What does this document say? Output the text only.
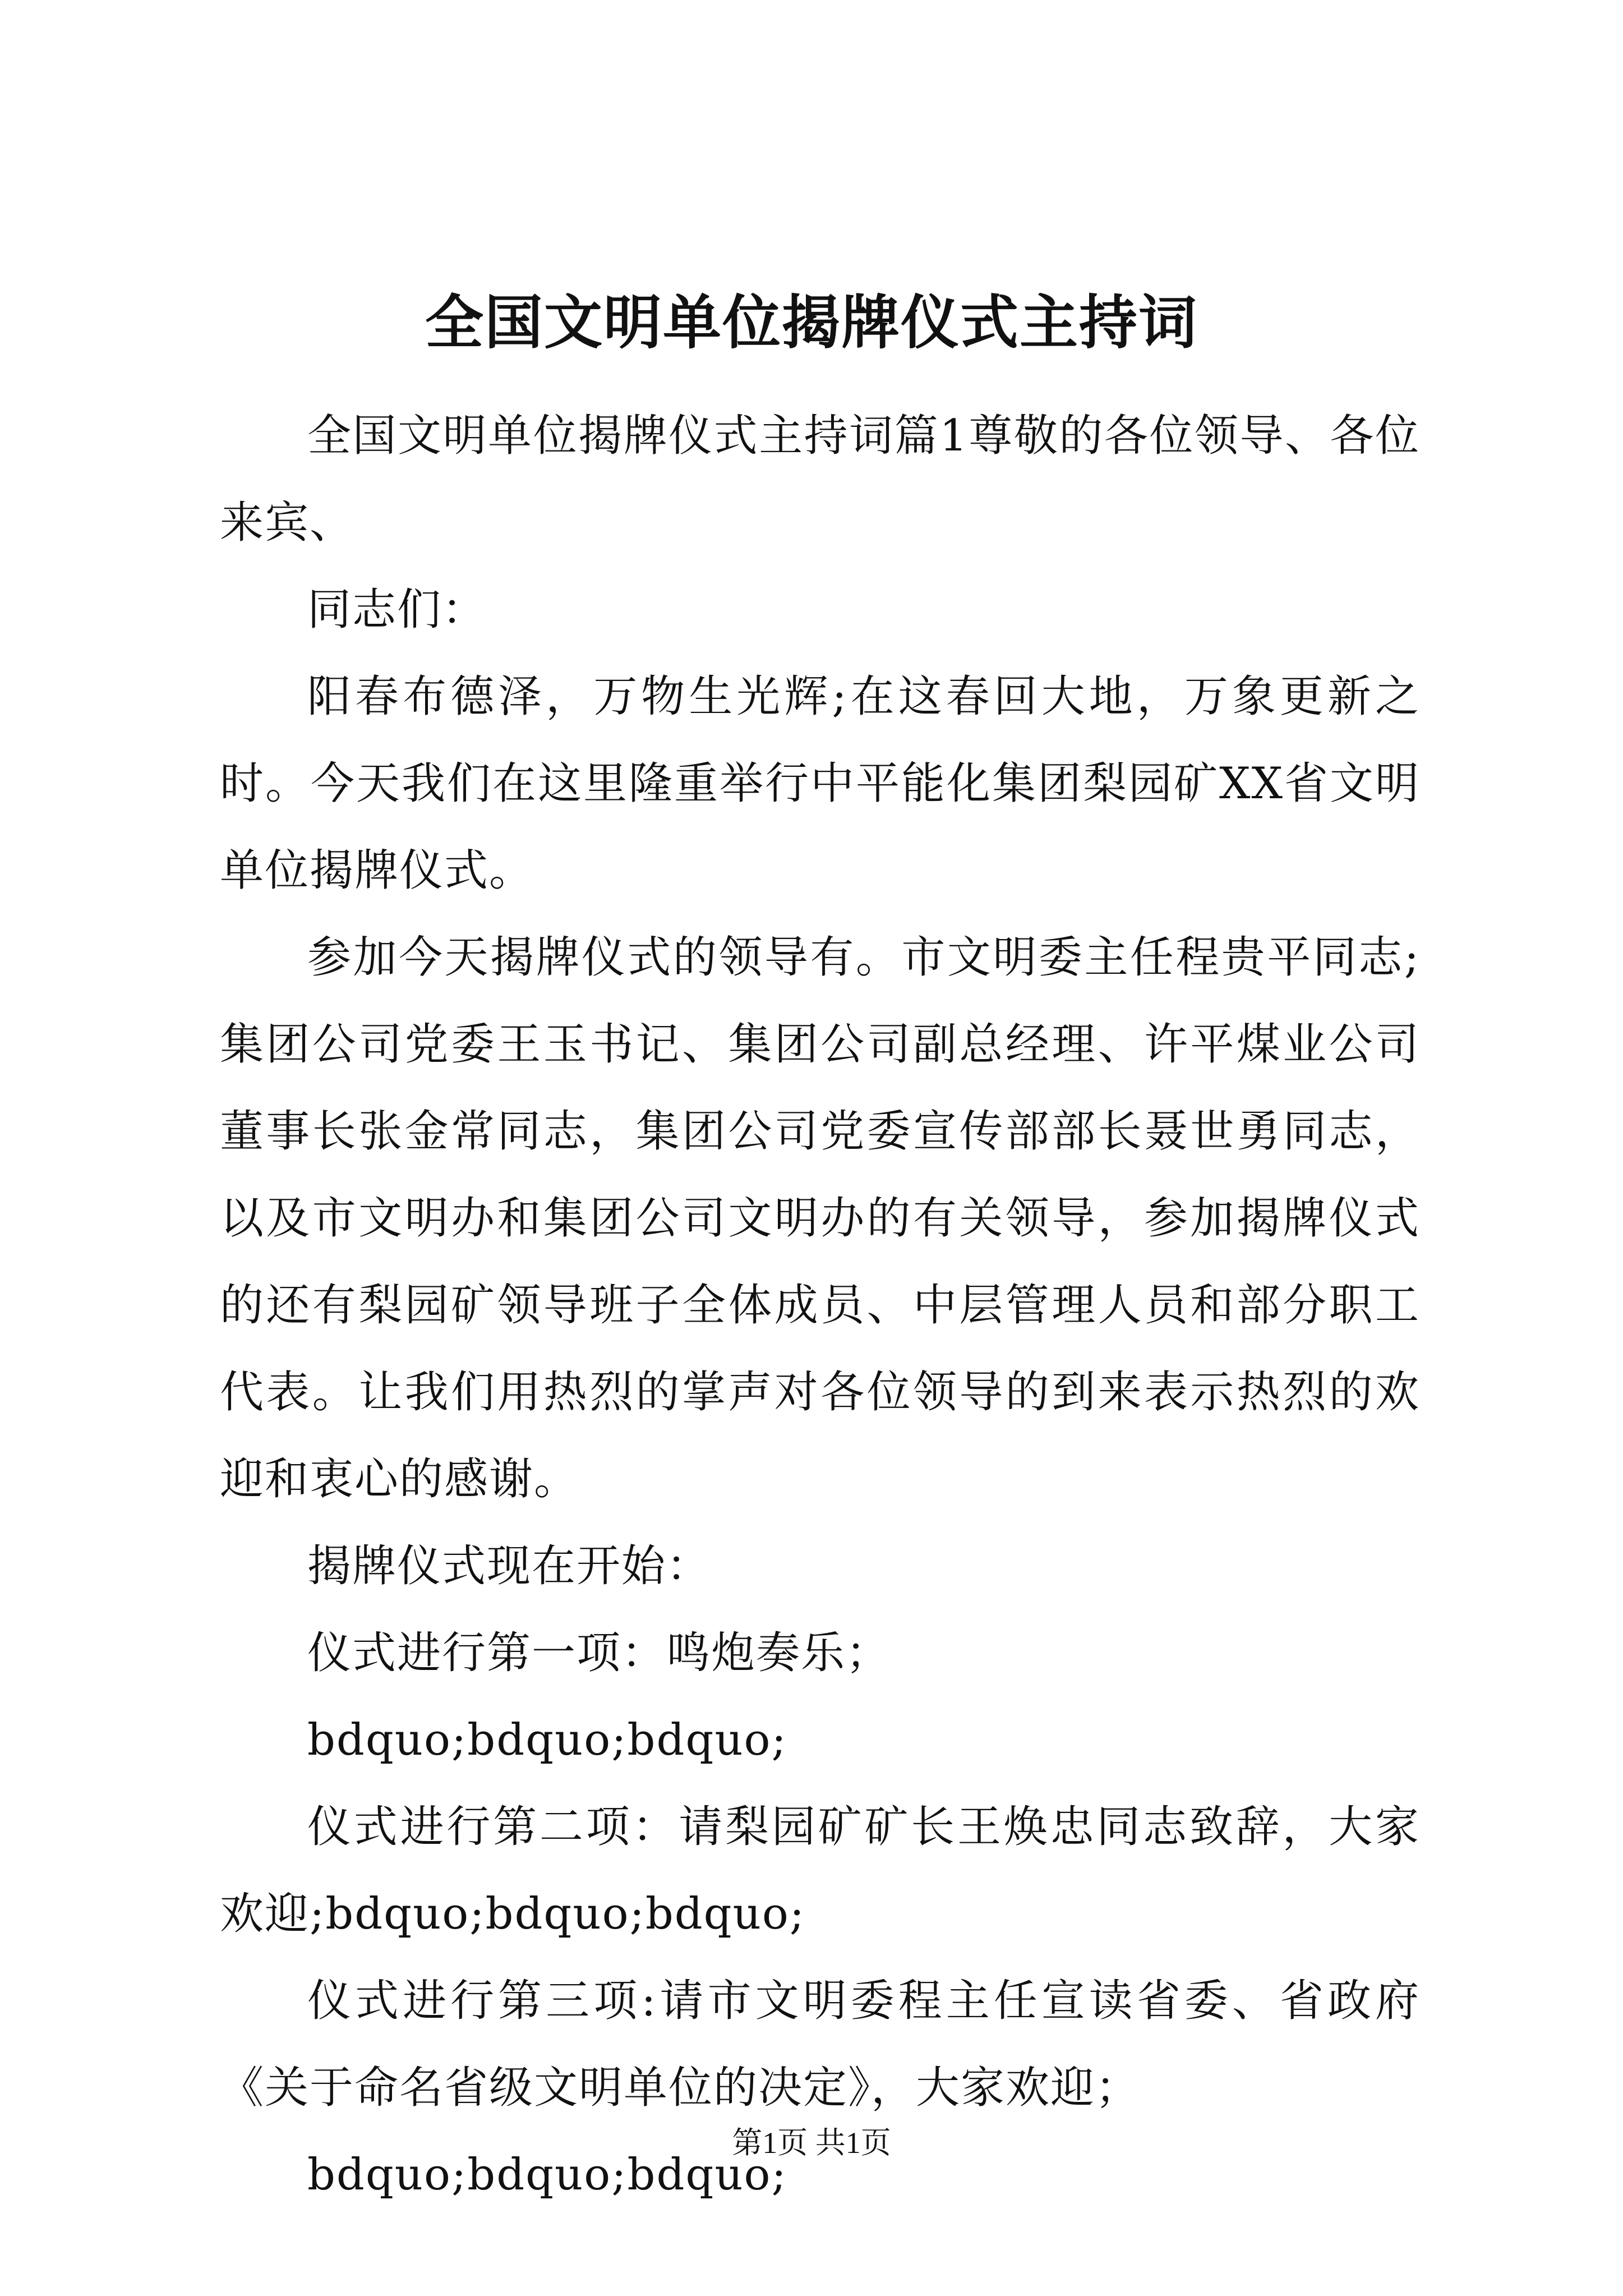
全国文明单位揭牌仪式主持词

全国文明单位揭牌仪式主持词篇1尊敬的各位领导、各位来宾、

同志们：

阳春布德泽，万物生光辉;在这春回大地，万象更新之时。今天我们在这里隆重举行中平能化集团梨园矿XX省文明单位揭牌仪式。

参加今天揭牌仪式的领导有。市文明委主任程贵平同志;集团公司党委王玉书记、集团公司副总经理、许平煤业公司董事长张金常同志，集团公司党委宣传部部长聂世勇同志，以及市文明办和集团公司文明办的有关领导，参加揭牌仪式的还有梨园矿领导班子全体成员、中层管理人员和部分职工代表。让我们用热烈的掌声对各位领导的到来表示热烈的欢迎和衷心的感谢。

揭牌仪式现在开始：

仪式进行第一项：鸣炮奏乐；

bdquo;bdquo;bdquo;

仪式进行第二项：请梨园矿矿长王焕忠同志致辞，大家欢迎;bdquo;bdquo;bdquo;

仪式进行第三项:请市文明委程主任宣读省委、省政府《关于命名省级文明单位的决定》，大家欢迎；

bdquo;bdquo;bdquo;

第1页 共1页
